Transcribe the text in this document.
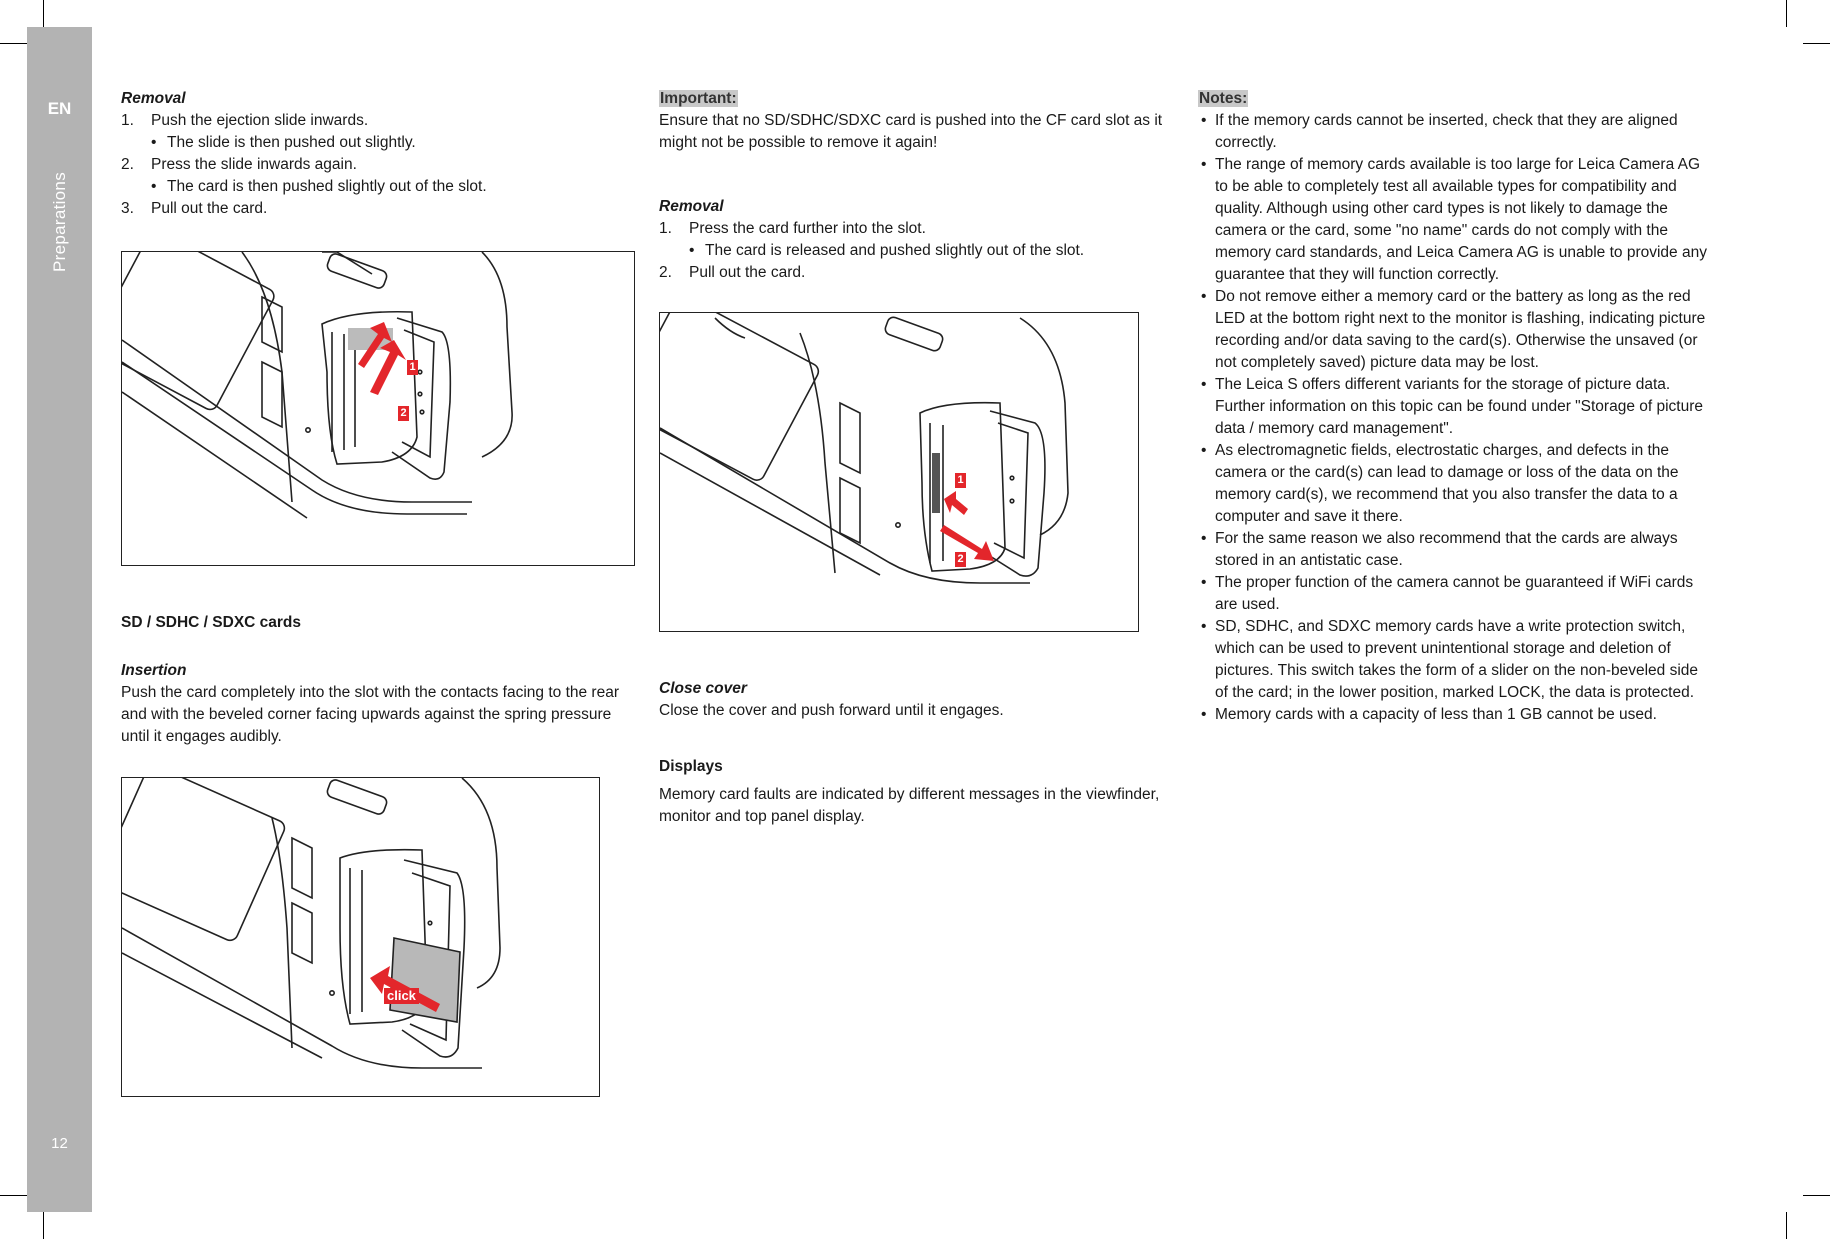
EN
Preparations
12

Removal

1. Push the ejection slide inwards.
• The slide is then pushed out slightly.
2. Press the slide inwards again.
• The card is then pushed slightly out of the slot.
3. Pull out the card.
1
2

SD / SDHC / SDXC cards

Insertion

Push the card completely into the slot with the contacts facing to the rear and with the beveled corner facing upwards against the spring pressure until it engages audibly.

click

Important:

Ensure that no SD/SDHC/SDXC card is pushed into the CF card slot as it might not be possible to remove it again!

Removal

1. Press the card further into the slot.
• The card is released and pushed slightly out of the slot.
2. Pull out the card.
1
2

Close cover

Close the cover and push forward until it engages.

Displays

Memory card faults are indicated by different messages in the viewfinder, monitor and top panel display.

Notes:

• If the memory cards cannot be inserted, check that they are aligned correctly.
• The range of memory cards available is too large for Leica Camera AG to be able to completely test all available types for compatibility and quality. Although using other card types is not likely to damage the camera or the card, some "no name" cards do not comply with the memory card standards, and Leica Camera AG is unable to provide any guarantee that they will function correctly.
• Do not remove either a memory card or the battery as long as the red LED at the bottom right next to the monitor is flashing, indicating picture recording and/or data saving to the card(s). Otherwise the unsaved (or not completely saved) picture data may be lost.
• The Leica S offers different variants for the storage of picture data. Further information on this topic can be found under "Storage of picture data / memory card management".
• As electromagnetic fields, electrostatic charges, and defects in the camera or the card(s) can lead to damage or loss of the data on the memory card(s), we recommend that you also transfer the data to a computer and save it there.
• For the same reason we also recommend that the cards are always stored in an antistatic case.
• The proper function of the camera cannot be guaranteed if WiFi cards are used.
• SD, SDHC, and SDXC memory cards have a write protection switch, which can be used to prevent unintentional storage and deletion of pictures. This switch takes the form of a slider on the non-beveled side of the card; in the lower position, marked LOCK, the data is protected.
• Memory cards with a capacity of less than 1 GB cannot be used.
